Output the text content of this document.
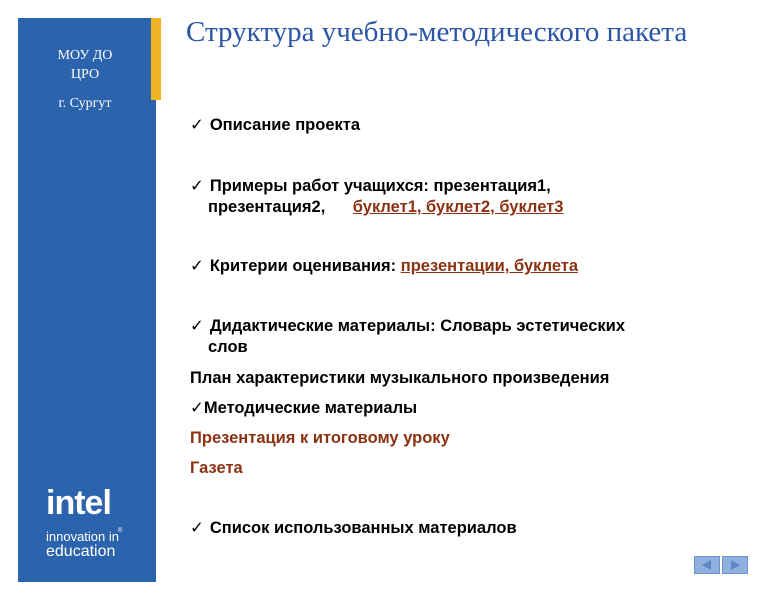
МОУ ДО
ЦРО
г. Сургут
intel
®
innovation in
education
Структура учебно-методического пакета
✓ Описание проекта
✓ Примеры работ учащихся: презентация1,
презентация2, буклет1, буклет2, буклет3
✓ Критерии оценивания: презентации, буклета
✓ Дидактические материалы: Словарь эстетических
слов
План характеристики музыкального произведения
✓Методические материалы
Презентация к итоговому уроку
Газета
✓ Список использованных материалов
